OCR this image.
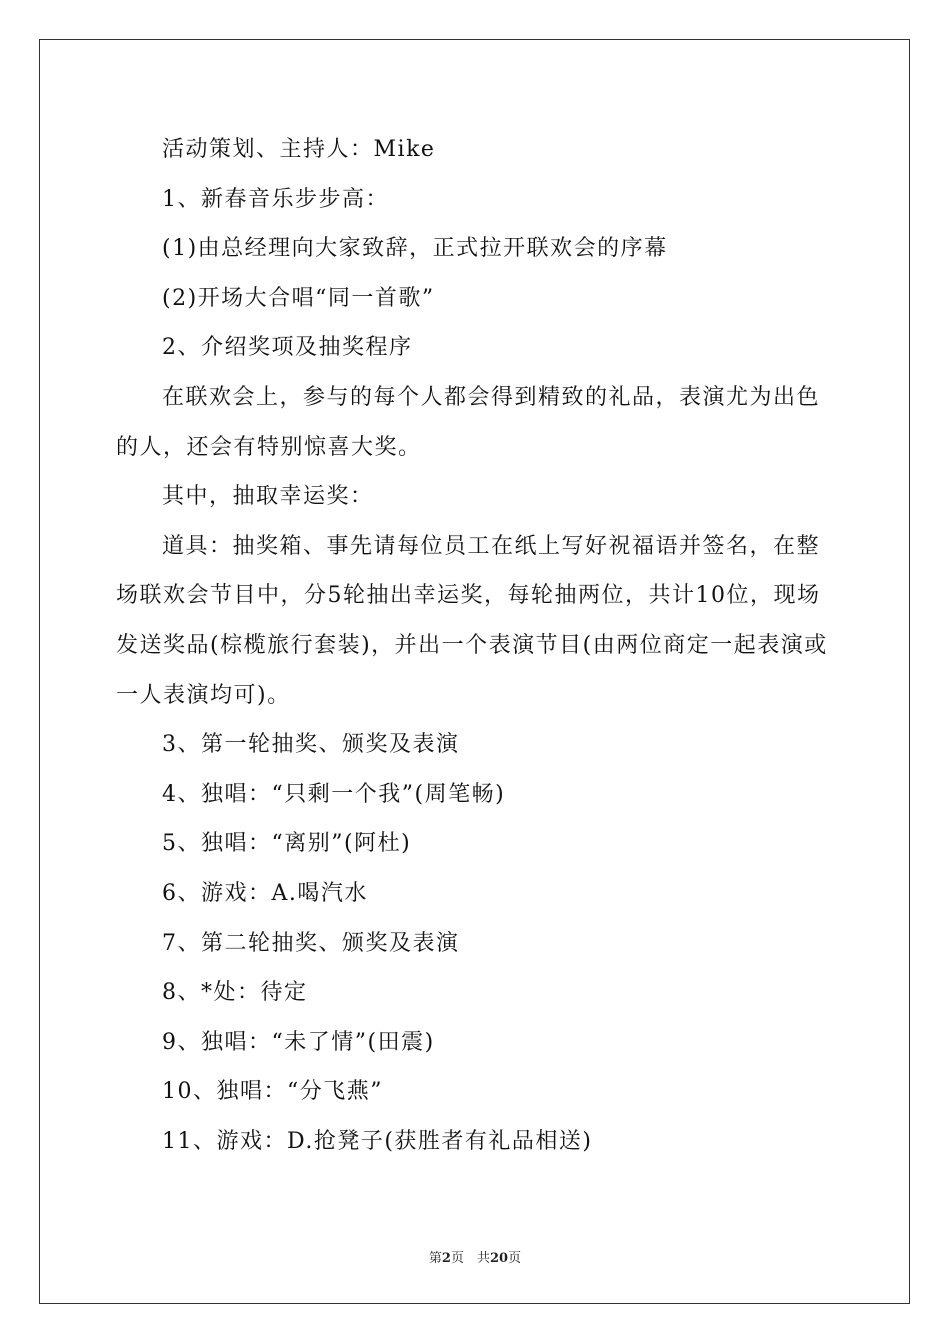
活动策划、主持人：Mike

1、新春音乐步步高：

(1)由总经理向大家致辞，正式拉开联欢会的序幕

(2)开场大合唱“同一首歌”

2、介绍奖项及抽奖程序

在联欢会上，参与的每个人都会得到精致的礼品，表演尤为出色的人，还会有特别惊喜大奖。

其中，抽取幸运奖：

道具：抽奖箱、事先请每位员工在纸上写好祝福语并签名，在整场联欢会节目中，分5轮抽出幸运奖，每轮抽两位，共计10位，现场发送奖品(棕榄旅行套装)，并出一个表演节目(由两位商定一起表演或一人表演均可)。

3、第一轮抽奖、颁奖及表演

4、独唱：“只剩一个我”(周笔畅)

5、独唱：“离别”(阿杜)

6、游戏：A.喝汽水

7、第二轮抽奖、颁奖及表演

8、*处：待定

9、独唱：“未了情”(田震)

10、独唱：“分飞燕”

11、游戏：D.抢凳子(获胜者有礼品相送)

第2页　共20页
